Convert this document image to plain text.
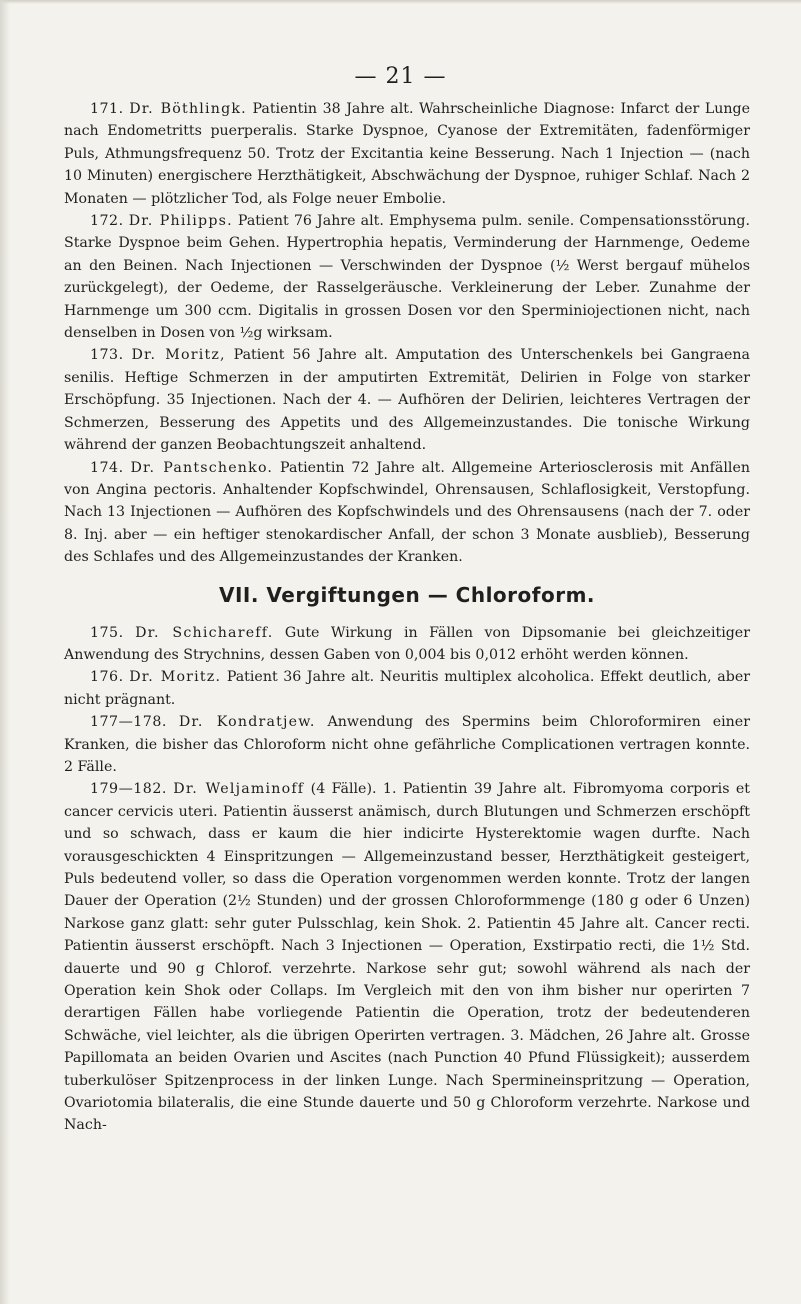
— 21 —

171. Dr. Böthlingk. Patientin 38 Jahre alt. Wahrscheinliche Diagnose: Infarct der Lunge nach Endometritts puerperalis. Starke Dyspnoe, Cyanose der Extremitäten, fadenförmiger Puls, Athmungsfrequenz 50. Trotz der Excitantia keine Besserung. Nach 1 Injection — (nach 10 Minuten) energischere Herzthätigkeit, Abschwächung der Dyspnoe, ruhiger Schlaf. Nach 2 Monaten — plötzlicher Tod, als Folge neuer Embolie.

172. Dr. Philipps. Patient 76 Jahre alt. Emphysema pulm. senile. Compensationsstörung. Starke Dyspnoe beim Gehen. Hypertrophia hepatis, Verminderung der Harnmenge, Oedeme an den Beinen. Nach Injectionen — Verschwinden der Dyspnoe (½ Werst bergauf mühelos zurückgelegt), der Oedeme, der Rasselgeräusche. Verkleinerung der Leber. Zunahme der Harnmenge um 300 ccm. Digitalis in grossen Dosen vor den Sperminiojectionen nicht, nach denselben in Dosen von ½g wirksam.

173. Dr. Moritz, Patient 56 Jahre alt. Amputation des Unterschenkels bei Gangraena senilis. Heftige Schmerzen in der amputirten Extremität, Delirien in Folge von starker Erschöpfung. 35 Injectionen. Nach der 4. — Aufhören der Delirien, leichteres Vertragen der Schmerzen, Besserung des Appetits und des Allgemeinzustandes. Die tonische Wirkung während der ganzen Beobachtungszeit anhaltend.

174. Dr. Pantschenko. Patientin 72 Jahre alt. Allgemeine Arteriosclerosis mit Anfällen von Angina pectoris. Anhaltender Kopfschwindel, Ohrensausen, Schlaflosigkeit, Verstopfung. Nach 13 Injectionen — Aufhören des Kopfschwindels und des Ohrensausens (nach der 7. oder 8. Inj. aber — ein heftiger stenokardischer Anfall, der schon 3 Monate ausblieb), Besserung des Schlafes und des Allgemeinzustandes der Kranken.

VII. Vergiftungen — Chloroform.

175. Dr. Schichareff. Gute Wirkung in Fällen von Dipsomanie bei gleichzeitiger Anwendung des Strychnins, dessen Gaben von 0,004 bis 0,012 erhöht werden können.

176. Dr. Moritz. Patient 36 Jahre alt. Neuritis multiplex alcoholica. Effekt deutlich, aber nicht prägnant.

177—178. Dr. Kondratjew. Anwendung des Spermins beim Chloroformiren einer Kranken, die bisher das Chloroform nicht ohne gefährliche Complicationen vertragen konnte. 2 Fälle.

179—182. Dr. Weljaminoff (4 Fälle). 1. Patientin 39 Jahre alt. Fibromyoma corporis et cancer cervicis uteri. Patientin äusserst anämisch, durch Blutungen und Schmerzen erschöpft und so schwach, dass er kaum die hier indicirte Hysterektomie wagen durfte. Nach vorausgeschickten 4 Einspritzungen — Allgemeinzustand besser, Herzthätigkeit gesteigert, Puls bedeutend voller, so dass die Operation vorgenommen werden konnte. Trotz der langen Dauer der Operation (2½ Stunden) und der grossen Chloroformmenge (180 g oder 6 Unzen) Narkose ganz glatt: sehr guter Pulsschlag, kein Shok. 2. Patientin 45 Jahre alt. Cancer recti. Patientin äusserst erschöpft. Nach 3 Injectionen — Operation, Exstirpatio recti, die 1½ Std. dauerte und 90 g Chlorof. verzehrte. Narkose sehr gut; sowohl während als nach der Operation kein Shok oder Collaps. Im Vergleich mit den von ihm bisher nur operirten 7 derartigen Fällen habe vorliegende Patientin die Operation, trotz der bedeutenderen Schwäche, viel leichter, als die übrigen Operirten vertragen. 3. Mädchen, 26 Jahre alt. Grosse Papillomata an beiden Ovarien und Ascites (nach Punction 40 Pfund Flüssigkeit); ausserdem tuberkulöser Spitzenprocess in der linken Lunge. Nach Spermineinspritzung — Operation, Ovariotomia bilateralis, die eine Stunde dauerte und 50 g Chloroform verzehrte. Narkose und Nach-
